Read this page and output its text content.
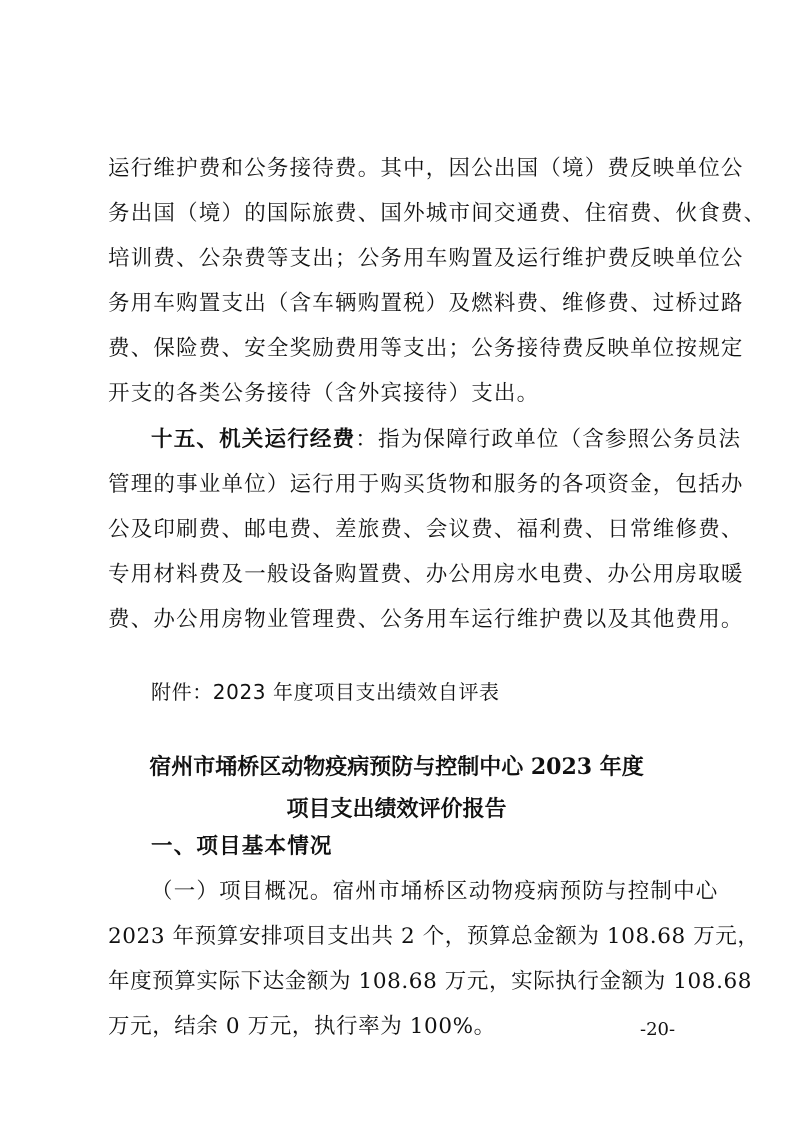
运行维护费和公务接待费。其中，因公出国（境）费反映单位公
务出国（境）的国际旅费、国外城市间交通费、住宿费、伙食费、
培训费、公杂费等支出；公务用车购置及运行维护费反映单位公
务用车购置支出（含车辆购置税）及燃料费、维修费、过桥过路
费、保险费、安全奖励费用等支出；公务接待费反映单位按规定
开支的各类公务接待（含外宾接待）支出。
十五、机关运行经费：指为保障行政单位（含参照公务员法
管理的事业单位）运行用于购买货物和服务的各项资金，包括办
公及印刷费、邮电费、差旅费、会议费、福利费、日常维修费、
专用材料费及一般设备购置费、办公用房水电费、办公用房取暖
费、办公用房物业管理费、公务用车运行维护费以及其他费用。
附件：2023 年度项目支出绩效自评表
宿州市埇桥区动物疫病预防与控制中心 2023 年度
项目支出绩效评价报告
一、项目基本情况
（一）项目概况。宿州市埇桥区动物疫病预防与控制中心
2023 年预算安排项目支出共 2 个，预算总金额为 108.68 万元，
年度预算实际下达金额为 108.68 万元，实际执行金额为 108.68
万元，结余 0 万元，执行率为 100%。	-20-
